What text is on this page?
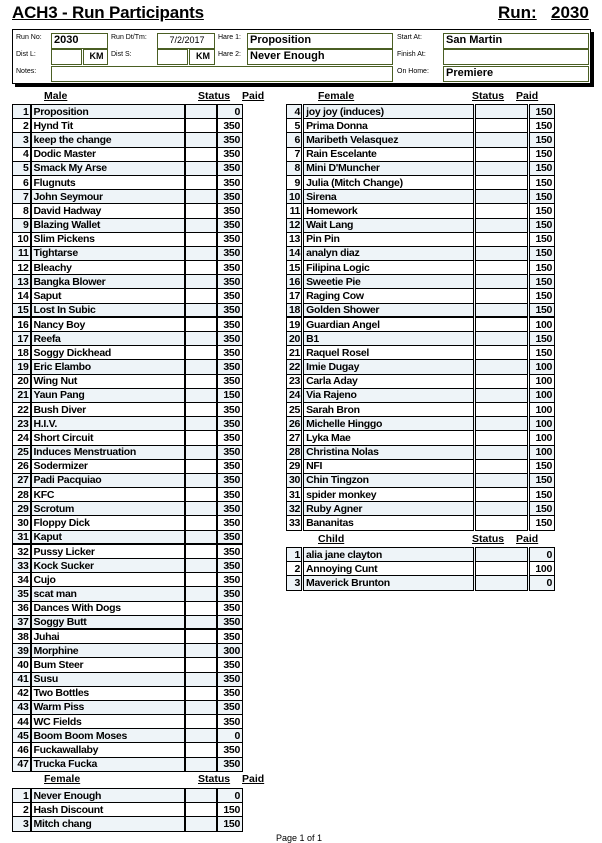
ACH3 - Run Participants	Run: 2030
Run No: 2030	Run Dt/Tm:	7/2/2017	Hare 1: Proposition	Start At: San Martin
Dist L:	KM	Dist S:	KM	Hare 2: Never Enough	Finish At:
Notes:	On Home: Premiere
Male	Status Paid
1	Proposition		0
2	Hynd Tit		350
3	keep the change		350
4	Dodic Master		350
5	Smack My Arse		350
6	Flugnuts		350
7	John Seymour		350
8	David Hadway		350
9	Blazing Wallet		350
10	Slim Pickens		350
11	Tightarse		350
12	Bleachy		350
13	Bangka Blower		350
14	Saput		350
15	Lost In Subic		350
16	Nancy Boy		350
17	Reefa		350
18	Soggy Dickhead		350
19	Eric Elambo		350
20	Wing Nut		350
21	Yaun Pang		150
22	Bush Diver		350
23	H.I.V.		350
24	Short Circuit		350
25	Induces Menstruation		350
26	Sodermizer		350
27	Padi Pacquiao		350
28	KFC		350
29	Scrotum		350
30	Floppy Dick		350
31	Kaput		350
32	Pussy Licker		350
33	Kock Sucker		350
34	Cujo		350
35	scat man		350
36	Dances With Dogs		350
37	Soggy Butt		350
38	Juhai		350
39	Morphine		300
40	Bum Steer		350
41	Susu		350
42	Two Bottles		350
43	Warm Piss		350
44	WC Fields		350
45	Boom Boom Moses		0
46	Fuckawallaby		350
47	Trucka Fucka		350
Female	Status Paid
1	Never Enough		0
2	Hash Discount		150
3	Mitch chang		150
Female	Status Paid
4	joy joy (induces)		150
5	Prima Donna		150
6	Maribeth Velasquez		150
7	Rain Escelante		150
8	Mini D'Muncher		150
9	Julia (Mitch Change)		150
10	Sirena		150
11	Homework		150
12	Wait Lang		150
13	Pin Pin		150
14	analyn diaz		150
15	Filipina Logic		150
16	Sweetie Pie		150
17	Raging Cow		150
18	Golden Shower		150
19	Guardian Angel		100
20	B1		150
21	Raquel Rosel		150
22	Imie Dugay		100
23	Carla Aday		100
24	Via Rajeno		100
25	Sarah Bron		100
26	Michelle Hinggo		100
27	Lyka Mae		100
28	Christina Nolas		100
29	NFI		150
30	Chin Tingzon		150
31	spider monkey		150
32	Ruby Agner		150
33	Bananitas		150
Child	Status Paid
1	alia jane clayton		0
2	Annoying Cunt		100
3	Maverick Brunton		0
Page 1 of 1
